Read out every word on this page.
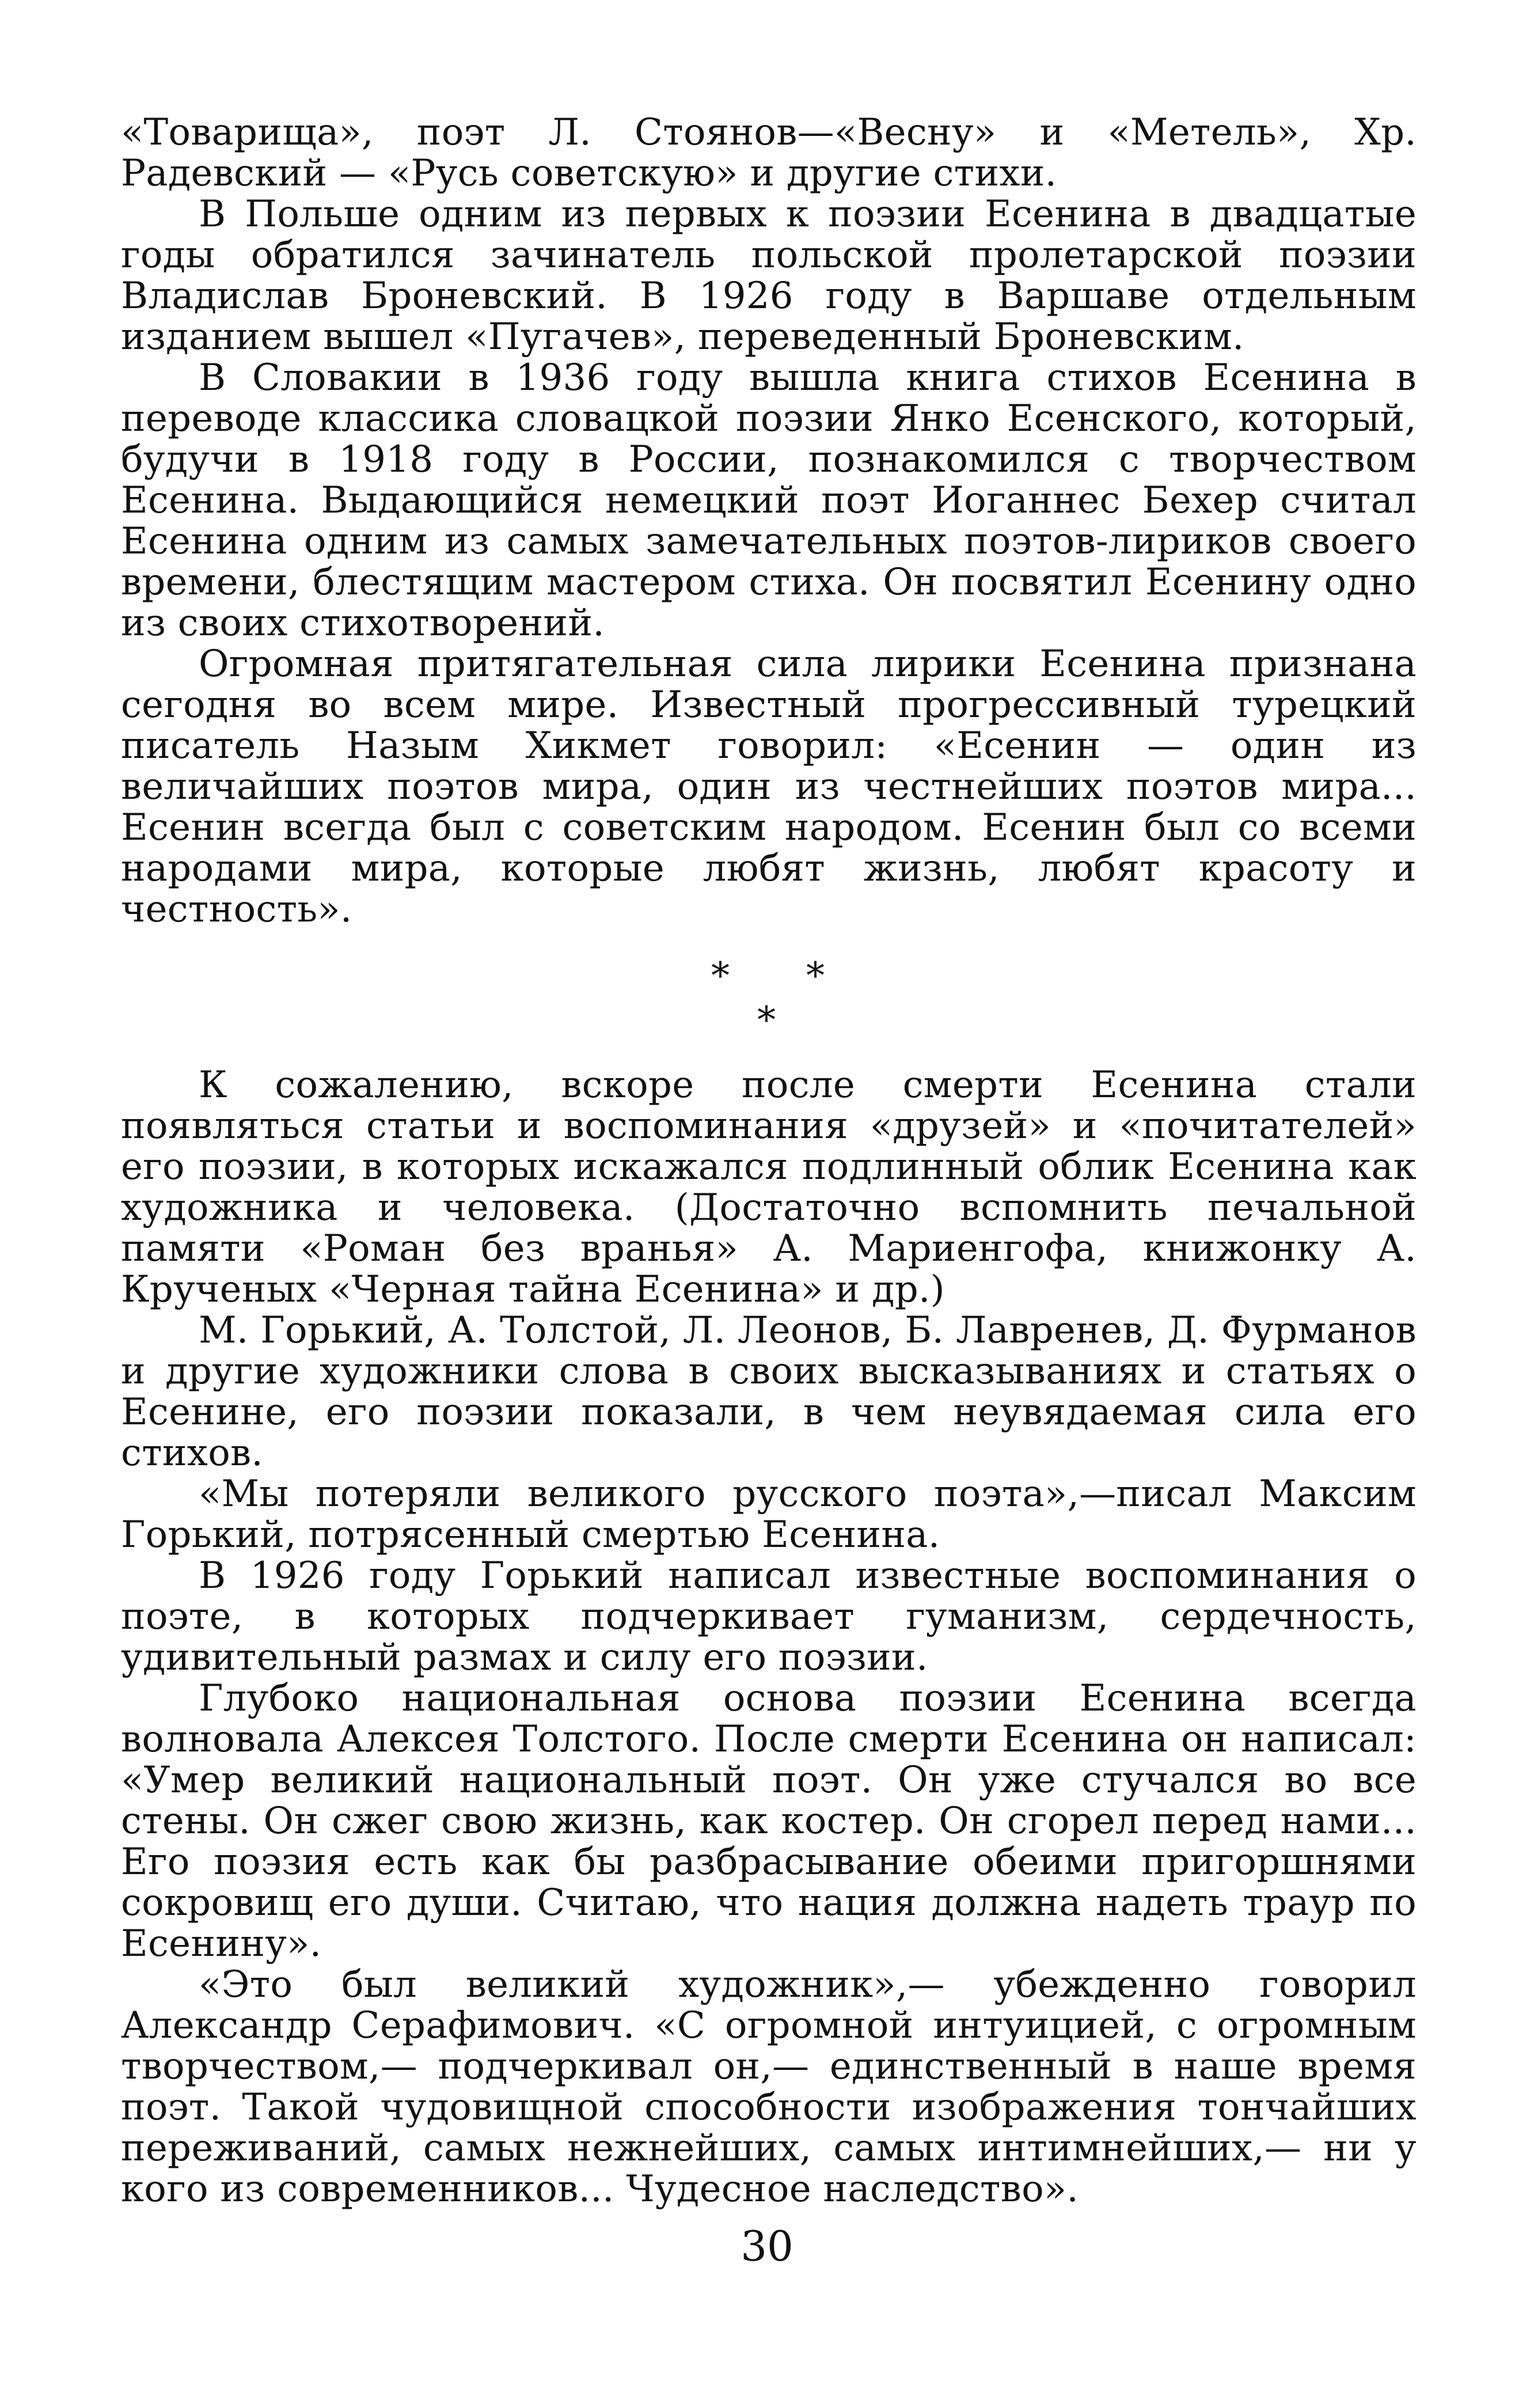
«Товарища», поэт Л. Стоянов—«Весну» и «Метель», Хр. Радевский — «Русь советскую» и другие стихи.

В Польше одним из первых к поэзии Есенина в двадцатые годы обратился зачинатель польской пролетарской поэзии Владислав Броневский. В 1926 году в Варшаве отдельным изданием вышел «Пугачев», переведенный Броневским.

В Словакии в 1936 году вышла книга стихов Есенина в переводе классика словацкой поэзии Янко Есенского, который, будучи в 1918 году в России, познакомился с творчеством Есенина. Выдающийся немецкий поэт Иоганнес Бехер считал Есенина одним из самых замечательных поэтов-лириков своего времени, блестящим мастером стиха. Он посвятил Есенину одно из своих стихотворений.

Огромная притягательная сила лирики Есенина признана сегодня во всем мире. Известный прогрессивный турецкий писатель Назым Хикмет говорил: «Есенин — один из величайших поэтов мира, один из честнейших поэтов мира... Есенин всегда был с советским народом. Есенин был со всеми народами мира, которые любят жизнь, любят красоту и честность».

* *
*

К сожалению, вскоре после смерти Есенина стали появляться статьи и воспоминания «друзей» и «почитателей» его поэзии, в которых искажался подлинный облик Есенина как художника и человека. (Достаточно вспомнить печальной памяти «Роман без вранья» А. Мариенгофа, книжонку А. Крученых «Черная тайна Есенина» и др.)

М. Горький, А. Толстой, Л. Леонов, Б. Лавренев, Д. Фурманов и другие художники слова в своих высказываниях и статьях о Есенине, его поэзии показали, в чем неувядаемая сила его стихов.

«Мы потеряли великого русского поэта»,—писал Максим Горький, потрясенный смертью Есенина.

В 1926 году Горький написал известные воспоминания о поэте, в которых подчеркивает гуманизм, сердечность, удивительный размах и силу его поэзии.

Глубоко национальная основа поэзии Есенина всегда волновала Алексея Толстого. После смерти Есенина он написал: «Умер великий национальный поэт. Он уже стучался во все стены. Он сжег свою жизнь, как костер. Он сгорел перед нами... Его поэзия есть как бы разбрасывание обеими пригоршнями сокровищ его души. Считаю, что нация должна надеть траур по Есенину».

«Это был великий художник»,— убежденно говорил Александр Серафимович. «С огромной интуицией, с огромным творчеством,— подчеркивал он,— единственный в наше время поэт. Такой чудовищной способности изображения тончайших переживаний, самых нежнейших, самых интимнейших,— ни у кого из современников... Чудесное наследство».

30
